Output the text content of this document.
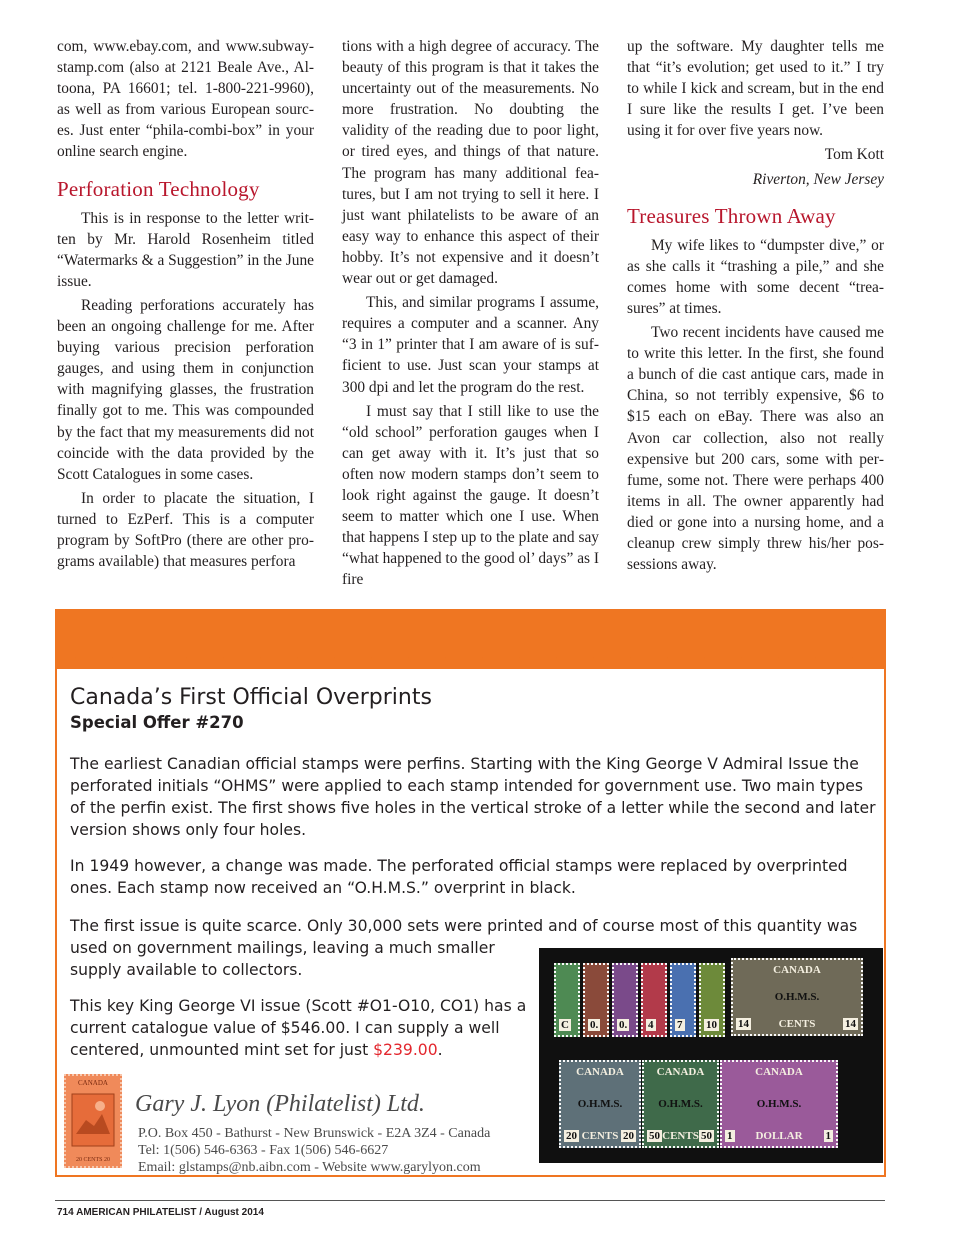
com, www.ebay.com, and www.subwaystamp.com (also at 2121 Beale Ave., Altoona, PA 16601; tel. 1-800-221-9960), as well as from various European sources. Just enter “phila-combi-box” in your online search engine.

Perforation Technology

This is in response to the letter written by Mr. Harold Rosenheim titled “Watermarks & a Suggestion” in the June issue.

Reading perforations accurately has been an ongoing challenge for me. After buying various precision perforation gauges, and using them in conjunction with magnifying glasses, the frustration finally got to me. This was compounded by the fact that my measurements did not coincide with the data provided by the Scott Catalogues in some cases.

In order to placate the situation, I turned to EzPerf. This is a computer program by SoftPro (there are other programs available) that measures perfora

tions with a high degree of accuracy. The beauty of this program is that it takes the uncertainty out of the measurements. No more frustration. No doubting the validity of the reading due to poor light, or tired eyes, and things of that nature. The program has many additional features, but I am not trying to sell it here. I just want philatelists to be aware of an easy way to enhance this aspect of their hobby. It’s not expensive and it doesn’t wear out or get damaged.

This, and similar programs I assume, requires a computer and a scanner. Any “3 in 1” printer that I am aware of is sufficient to use. Just scan your stamps at 300 dpi and let the program do the rest.

I must say that I still like to use the “old school” perforation gauges when I can get away with it. It’s just that so often now modern stamps don’t seem to look right against the gauge. It doesn’t seem to matter which one I use. When that happens I step up to the plate and say “what happened to the good ol’ days” as I fire

up the software. My daughter tells me that “it’s evolution; get used to it.” I try to while I kick and scream, but in the end I sure like the results I get. I’ve been using it for over five years now.

Tom Kott

Riverton, New Jersey

Treasures Thrown Away

My wife likes to “dumpster dive,” or as she calls it “trashing a pile,” and she comes home with some decent “treasures” at times.

Two recent incidents have caused me to write this letter. In the first, she found a bunch of die cast antique cars, made in China, so not terribly expensive, $6 to $15 each on eBay. There was also an Avon car collection, also not really expensive but 200 cars, some with perfume, some not. There were perhaps 400 items in all. The owner apparently had died or gone into a nursing home, and a cleanup crew simply threw his/her possessions away.

Canada’s First Official Overprints
Special Offer #270

The earliest Canadian official stamps were perfins. Starting with the King George V Admiral Issue the perforated initials “OHMS” were applied to each stamp intended for government use. Two main types of the perfin exist. The first shows five holes in the vertical stroke of a letter while the second and later version shows only four holes.

In 1949 however, a change was made. The perforated official stamps were replaced by overprinted ones. Each stamp now received an “O.H.M.S.” overprint in black.

The first issue is quite scarce. Only 30,000 sets were printed and of course most of this quantity was
used on government mailings, leaving a much smaller supply available to collectors.

This key King George VI issue (Scott #O1-O10, CO1) has a current catalogue value of $546.00. I can supply a well centered, unmounted mint set for just $239.00.

C 0. 0. 4 7 10
CANADA
O.H.M.S.
CENTS
14	14
CANADA
O.H.M.S.
CENTS
20	20
CANADA
O.H.M.S.
CENTS
50	50
CANADA
O.H.M.S.
DOLLAR
1	1
CANADA
20 CENTS 20
Gary J. Lyon (Philatelist) Ltd.

P.O. Box 450 - Bathurst - New Brunswick - E2A 3Z4 - Canada

Tel: 1(506) 546-6363 - Fax 1(506) 546-6627

Email: glstamps@nb.aibn.com - Website www.garylyon.com

714 AMERICAN PHILATELIST / August 2014
